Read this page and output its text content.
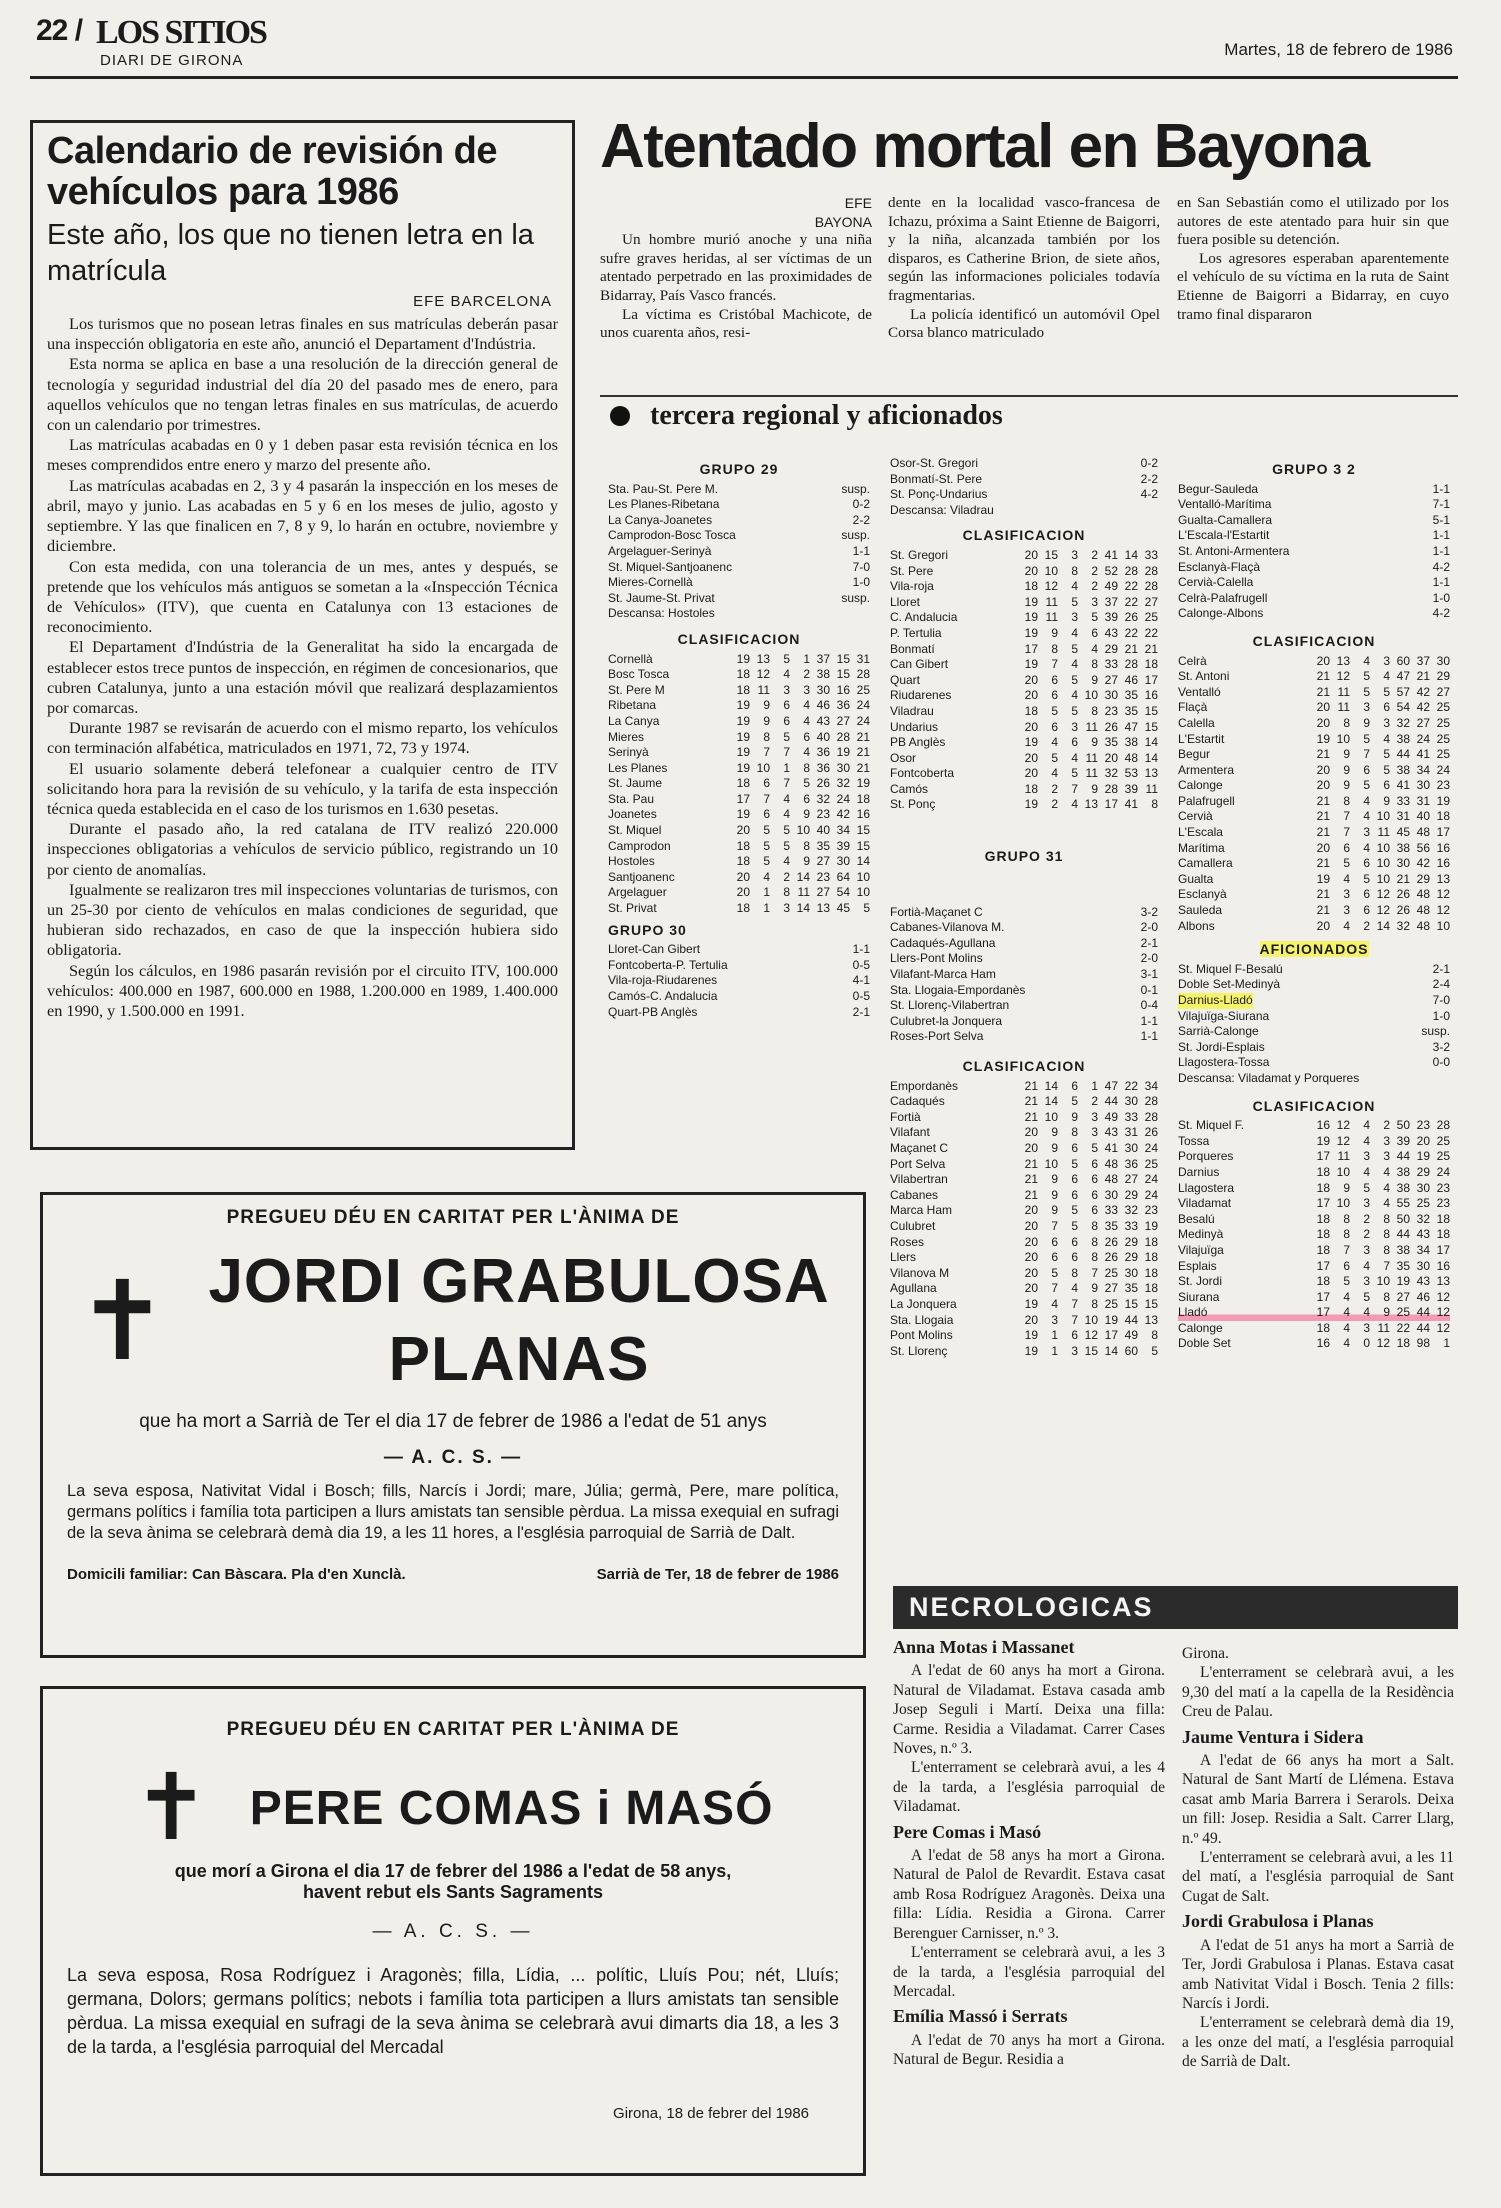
22 / LOS SITIOS
DIARI DE GIRONA
Martes, 18 de febrero de 1986
Calendario de revisión de vehículos para 1986
Este año, los que no tienen letra en la matrícula
EFE BARCELONA

Los turismos que no posean letras finales en sus matrículas deberán pasar una inspección obligatoria en este año, anunció el Departament d'Indústria.

Esta norma se aplica en base a una resolución de la dirección general de tecnología y seguridad industrial del día 20 del pasado mes de enero, para aquellos vehículos que no tengan letras finales en sus matrículas, de acuerdo con un calendario por trimestres.

Las matrículas acabadas en 0 y 1 deben pasar esta revisión técnica en los meses comprendidos entre enero y marzo del presente año.

Las matrículas acabadas en 2, 3 y 4 pasarán la inspección en los meses de abril, mayo y junio. Las acabadas en 5 y 6 en los meses de julio, agosto y septiembre. Y las que finalicen en 7, 8 y 9, lo harán en octubre, noviembre y diciembre.

Con esta medida, con una tolerancia de un mes, antes y después, se pretende que los vehículos más antiguos se sometan a la «Inspección Técnica de Vehículos» (ITV), que cuenta en Catalunya con 13 estaciones de reconocimiento.

El Departament d'Indústria de la Generalitat ha sido la encargada de establecer estos trece puntos de inspección, en régimen de concesionarios, que cubren Catalunya, junto a una estación móvil que realizará desplazamientos por comarcas.

Durante 1987 se revisarán de acuerdo con el mismo reparto, los vehículos con terminación alfabética, matriculados en 1971, 72, 73 y 1974.

El usuario solamente deberá telefonear a cualquier centro de ITV solicitando hora para la revisión de su vehículo, y la tarifa de esta inspección técnica queda establecida en el caso de los turismos en 1.630 pesetas.

Durante el pasado año, la red catalana de ITV realizó 220.000 inspecciones obligatorias a vehículos de servicio público, registrando un 10 por ciento de anomalías.

Igualmente se realizaron tres mil inspecciones voluntarias de turismos, con un 25-30 por ciento de vehículos en malas condiciones de seguridad, que hubieran sido rechazados, en caso de que la inspección hubiera sido obligatoria.

Según los cálculos, en 1986 pasarán revisión por el circuito ITV, 100.000 vehículos: 400.000 en 1987, 600.000 en 1988, 1.200.000 en 1989, 1.400.000 en 1990, y 1.500.000 en 1991.

Atentado mortal en Bayona
EFE
BAYONA

Un hombre murió anoche y una niña sufre graves heridas, al ser víctimas de un atentado perpetrado en las proximidades de Bidarray, País Vasco francés.

La víctima es Cristóbal Machicote, de unos cuarenta años, resi-

dente en la localidad vasco-francesa de Ichazu, próxima a Saint Etienne de Baigorri, y la niña, alcanzada también por los disparos, es Catherine Brion, de siete años, según las informaciones policiales todavía fragmentarias.

La policía identificó un automóvil Opel Corsa blanco matriculado

en San Sebastián como el utilizado por los autores de este atentado para huir sin que fuera posible su detención.

Los agresores esperaban aparentemente el vehículo de su víctima en la ruta de Saint Etienne de Baigorri a Bidarray, en cuyo tramo final dispararon

tercera regional y aficionados
GRUPO 29
Sta. Pau-St. Pere M.	susp.
Les Planes-Ribetana	0-2
La Canya-Joanetes	2-2
Camprodon-Bosc Tosca	susp.
Argelaguer-Serinyà	1-1
St. Miquel-Santjoanenc	7-0
Mieres-Cornellà	1-0
St. Jaume-St. Privat	susp.
Descansa: Hostoles
CLASIFICACION
Cornellà	19 13 5 1 37 15 31
Bosc Tosca	18 12 4 2 38 15 28
St. Pere M	18 11 3 3 30 16 25
Ribetana	19 9 6 4 46 36 24
La Canya	19 9 6 4 43 27 24
Mieres	19 8 5 6 40 28 21
Serinyà	19 7 7 4 36 19 21
Les Planes	19 10 1 8 36 30 21
St. Jaume	18 6 7 5 26 32 19
Sta. Pau	17 7 4 6 32 24 18
Joanetes	19 6 4 9 23 42 16
St. Miquel	20 5 5 10 40 34 15
Camprodon	18 5 5 8 35 39 15
Hostoles	18 5 4 9 27 30 14
Santjoanenc	20 4 2 14 23 64 10
Argelaguer	20 1 8 11 27 54 10
St. Privat	18 1 3 14 13 45 5
GRUPO 30
Lloret-Can Gibert	1-1
Fontcoberta-P. Tertulia	0-5
Vila-roja-Riudarenes	4-1
Camós-C. Andalucia	0-5
Quart-PB Anglès	2-1
Osor-St. Gregori	0-2
Bonmatí-St. Pere	2-2
St. Ponç-Undarius	4-2
Descansa: Viladrau
CLASIFICACION
St. Gregori	20 15 3 2 41 14 33
St. Pere	20 10 8 2 52 28 28
Vila-roja	18 12 4 2 49 22 28
Lloret	19 11 5 3 37 22 27
C. Andalucia	19 11 3 5 39 26 25
P. Tertulia	19 9 4 6 43 22 22
Bonmatí	17 8 5 4 29 21 21
Can Gibert	19 7 4 8 33 28 18
Quart	20 6 5 9 27 46 17
Riudarenes	20 6 4 10 30 35 16
Viladrau	18 5 5 8 23 35 15
Undarius	20 6 3 11 26 47 15
PB Anglès	19 4 6 9 35 38 14
Osor	20 5 4 11 20 48 14
Fontcoberta	20 4 5 11 32 53 13
Camós	18 2 7 9 28 39 11
St. Ponç	19 2 4 13 17 41 8
GRUPO 31
Fortià-Maçanet C	3-2
Cabanes-Vilanova M.	2-0
Cadaqués-Agullana	2-1
Llers-Pont Molins	2-0
Vilafant-Marca Ham	3-1
Sta. Llogaia-Empordanès	0-1
St. Llorenç-Vilabertran	0-4
Culubret-la Jonquera	1-1
Roses-Port Selva	1-1
CLASIFICACION
Empordanès	21 14 6 1 47 22 34
Cadaqués	21 14 5 2 44 30 28
Fortià	21 10 9 3 49 33 28
Vilafant	20 9 8 3 43 31 26
Maçanet C	20 9 6 5 41 30 24
Port Selva	21 10 5 6 48 36 25
Vilabertran	21 9 6 6 48 27 24
Cabanes	21 9 6 6 30 29 24
Marca Ham	20 9 5 6 33 32 23
Culubret	20 7 5 8 35 33 19
Roses	20 6 6 8 26 29 18
Llers	20 6 6 8 26 29 18
Vilanova M	20 5 8 7 25 30 18
Agullana	20 7 4 9 27 35 18
La Jonquera	19 4 7 8 25 15 15
Sta. Llogaia	20 3 7 10 19 44 13
Pont Molins	19 1 6 12 17 49 8
St. Llorenç	19 1 3 15 14 60 5
GRUPO 3 2
Begur-Sauleda	1-1
Ventalló-Marítima	7-1
Gualta-Camallera	5-1
L'Escala-l'Estartit	1-1
St. Antoni-Armentera	1-1
Esclanyà-Flaçà	4-2
Cervià-Calella	1-1
Celrà-Palafrugell	1-0
Calonge-Albons	4-2
CLASIFICACION
Celrà	20 13 4 3 60 37 30
St. Antoni	21 12 5 4 47 21 29
Ventalló	21 11 5 5 57 42 27
Flaçà	20 11 3 6 54 42 25
Calella	20 8 9 3 32 27 25
L'Estartit	19 10 5 4 38 24 25
Begur	21 9 7 5 44 41 25
Armentera	20 9 6 5 38 34 24
Calonge	20 9 5 6 41 30 23
Palafrugell	21 8 4 9 33 31 19
Cervià	21 7 4 10 31 40 18
L'Escala	21 7 3 11 45 48 17
Marítima	20 6 4 10 38 56 16
Camallera	21 5 6 10 30 42 16
Gualta	19 4 5 10 21 29 13
Esclanyà	21 3 6 12 26 48 12
Sauleda	21 3 6 12 26 48 12
Albons	20 4 2 14 32 48 10
AFICIONADOS
St. Miquel F-Besalú	2-1
Doble Set-Medinyà	2-4
Darnius-Lladó	7-0
Vilajuïga-Siurana	1-0
Sarrià-Calonge	susp.
St. Jordi-Esplais	3-2
Llagostera-Tossa	0-0
Descansa: Viladamat y Porqueres
CLASIFICACION
St. Miquel F.	16 12 4 2 50 23 28
Tossa	19 12 4 3 39 20 25
Porqueres	17 11 3 3 44 19 25
Darnius	18 10 4 4 38 29 24
Llagostera	18 9 5 4 38 30 23
Viladamat	17 10 3 4 55 25 23
Besalú	18 8 2 8 50 32 18
Medinyà	18 8 2 8 44 43 18
Vilajuïga	18 7 3 8 38 34 17
Esplais	17 6 4 7 35 30 16
St. Jordi	18 5 3 10 19 43 13
Siurana	17 4 5 8 27 46 12
Lladó	17 4 4 9 25 44 12
Calonge	18 4 3 11 22 44 12
Doble Set	16 4 0 12 18 98 1
PREGUEU DÉU EN CARITAT PER L'ÀNIMA DE
✝ JORDI GRABULOSA
PLANAS
que ha mort a Sarrià de Ter el dia 17 de febrer de 1986 a l'edat de 51 anys
— A. C. S. —
La seva esposa, Nativitat Vidal i Bosch; fills, Narcís i Jordi; mare, Júlia; germà, Pere, mare política, germans polítics i família tota participen a llurs amistats tan sensible pèrdua. La missa exequial en sufragi de la seva ànima se celebrarà demà dia 19, a les 11 hores, a l'església parroquial de Sarrià de Dalt.
Domicili familiar: Can Bàscara. Pla d'en Xunclà.	Sarrià de Ter, 18 de febrer de 1986
PREGUEU DÉU EN CARITAT PER L'ÀNIMA DE
✝ PERE COMAS i MASÓ
que morí a Girona el dia 17 de febrer del 1986 a l'edat de 58 anys,
havent rebut els Sants Sagraments
— A. C. S. —
La seva esposa, Rosa Rodríguez i Aragonès; filla, Lídia, ... polític, Lluís Pou; nét, Lluís; germana, Dolors; germans polítics; nebots i família tota participen a llurs amistats tan sensible pèrdua. La missa exequial en sufragi de la seva ànima se celebrarà avui dimarts dia 18, a les 3 de la tarda, a l'església parroquial del Mercadal
Girona, 18 de febrer del 1986
NECROLOGICAS
Anna Motas i Massanet

A l'edat de 60 anys ha mort a Girona. Natural de Viladamat. Estava casada amb Josep Seguli i Martí. Deixa una filla: Carme. Residia a Viladamat. Carrer Cases Noves, n.º 3.

L'enterrament se celebrarà avui, a les 4 de la tarda, a l'església parroquial de Viladamat.

Pere Comas i Masó

A l'edat de 58 anys ha mort a Girona. Natural de Palol de Revardit. Estava casat amb Rosa Rodríguez Aragonès. Deixa una filla: Lídia. Residia a Girona. Carrer Berenguer Carnisser, n.º 3.

L'enterrament se celebrarà avui, a les 3 de la tarda, a l'església parroquial del Mercadal.

Emília Massó i Serrats

A l'edat de 70 anys ha mort a Girona. Natural de Begur. Residia a

Girona.

L'enterrament se celebrarà avui, a les 9,30 del matí a la capella de la Residència Creu de Palau.

Jaume Ventura i Sidera

A l'edat de 66 anys ha mort a Salt. Natural de Sant Martí de Llémena. Estava casat amb Maria Barrera i Serarols. Deixa un fill: Josep. Residia a Salt. Carrer Llarg, n.º 49.

L'enterrament se celebrarà avui, a les 11 del matí, a l'església parroquial de Sant Cugat de Salt.

Jordi Grabulosa i Planas

A l'edat de 51 anys ha mort a Sarrià de Ter, Jordi Grabulosa i Planas. Estava casat amb Nativitat Vidal i Bosch. Tenia 2 fills: Narcís i Jordi.

L'enterrament se celebrarà demà dia 19, a les onze del matí, a l'església parroquial de Sarrià de Dalt.
